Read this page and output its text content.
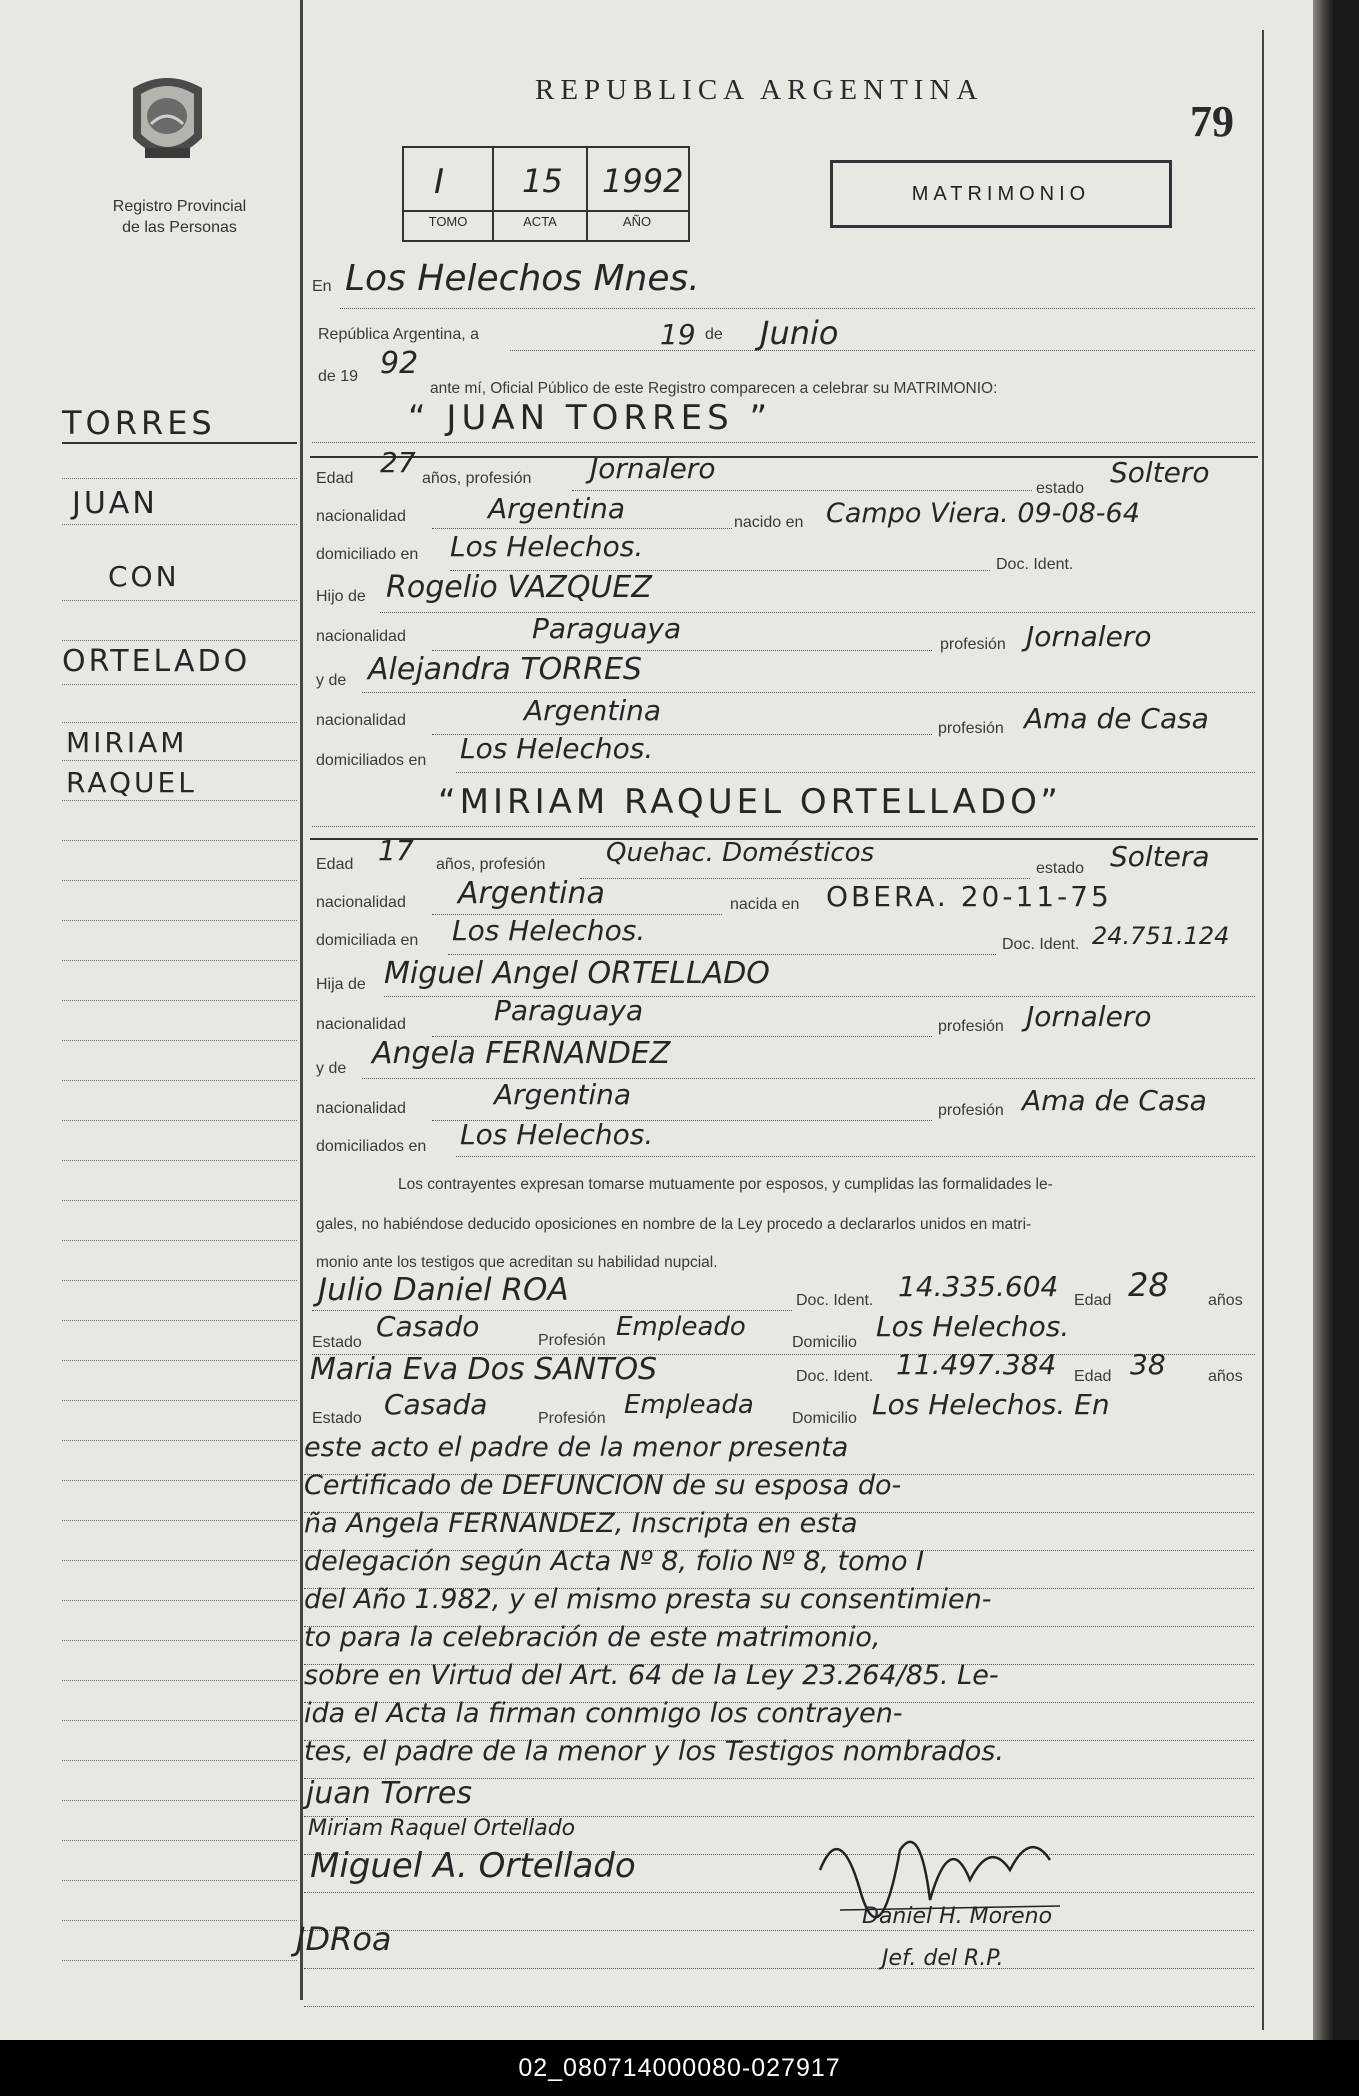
Registro Provincial
de las Personas
REPUBLICA ARGENTINA
79
I 15 1992
TOMO	ACTA	AÑO
MATRIMONIO
TORRES
JUAN
CON
ORTELADO
MIRIAM
RAQUEL
En Los Helechos Mnes.
República Argentina, a	19 de Junio
de 19 92
ante mí, Oficial Público de este Registro comparecen a celebrar su MATRIMONIO:
“ JUAN TORRES ”
Edad 27 años, profesión Jornalero
estado Soltero
nacionalidad	Argentina	nacido en Campo Viera. 09-08-64
domiciliado en Los Helechos.
Doc. Ident.
Hijo de Rogelio VAZQUEZ
nacionalidad	Paraguaya	profesión Jornalero
y de Alejandra TORRES
nacionalidad	Argentina
profesión Ama de Casa
domiciliados en Los Helechos.
“MIRIAM RAQUEL ORTELLADO”
Edad 17 años, profesión Quehac. Domésticos
estado Soltera
nacionalidad Argentina	nacida en OBERA. 20-11-75
domiciliada en Los Helechos.	Doc. Ident. 24.751.124
Hija de Miguel Angel ORTELLADO
nacionalidad	Paraguaya	profesión Jornalero
y de Angela FERNANDEZ
nacionalidad	Argentina	profesión Ama de Casa
domiciliados en Los Helechos.
Los contrayentes expresan tomarse mutuamente por esposos, y cumplidas las formalidades le-
gales, no habiéndose deducido oposiciones en nombre de la Ley procedo a declararlos unidos en matri-
monio ante los testigos que acreditan su habilidad nupcial.
Julio Daniel ROA	Doc. Ident. 14.335.604 Edad 28 años
Estado Casado	Profesión Empleado
Domicilio Los Helechos.
Maria Eva Dos SANTOS	Doc. Ident. 11.497.384 Edad 38	años
Estado Casada	Profesión Empleada Domicilio Los Helechos. En
este acto el padre de la menor presenta
Certificado de DEFUNCION de su esposa do-
ña Angela FERNANDEZ, Inscripta en esta
delegación según Acta Nº 8, folio Nº 8, tomo I
del Año 1.982, y el mismo presta su consentimien-
to para la celebración de este matrimonio,
sobre en Virtud del Art. 64 de la Ley 23.264/85. Le-
ida el Acta la firman conmigo los contrayen-
tes, el padre de la menor y los Testigos nombrados.
juan Torres
Miriam Raquel Ortellado
Miguel A. Ortellado
JDRoa
Daniel H. Moreno
Jef. del R.P.
02_080714000080-027917
